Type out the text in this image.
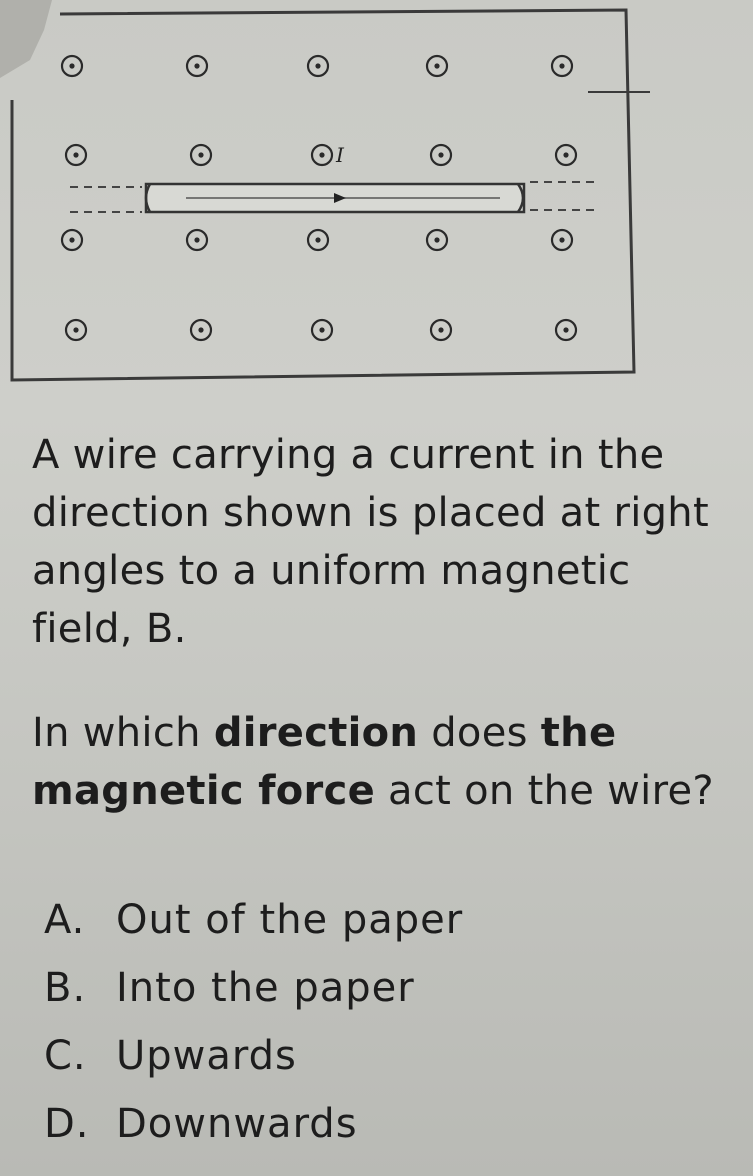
I

A wire carrying a current in the direction shown is placed at right angles to a uniform magnetic field, B.

In which direction does the magnetic force act on the wire?

A. Out of the paper
B. Into the paper
C. Upwards
D. Downwards
